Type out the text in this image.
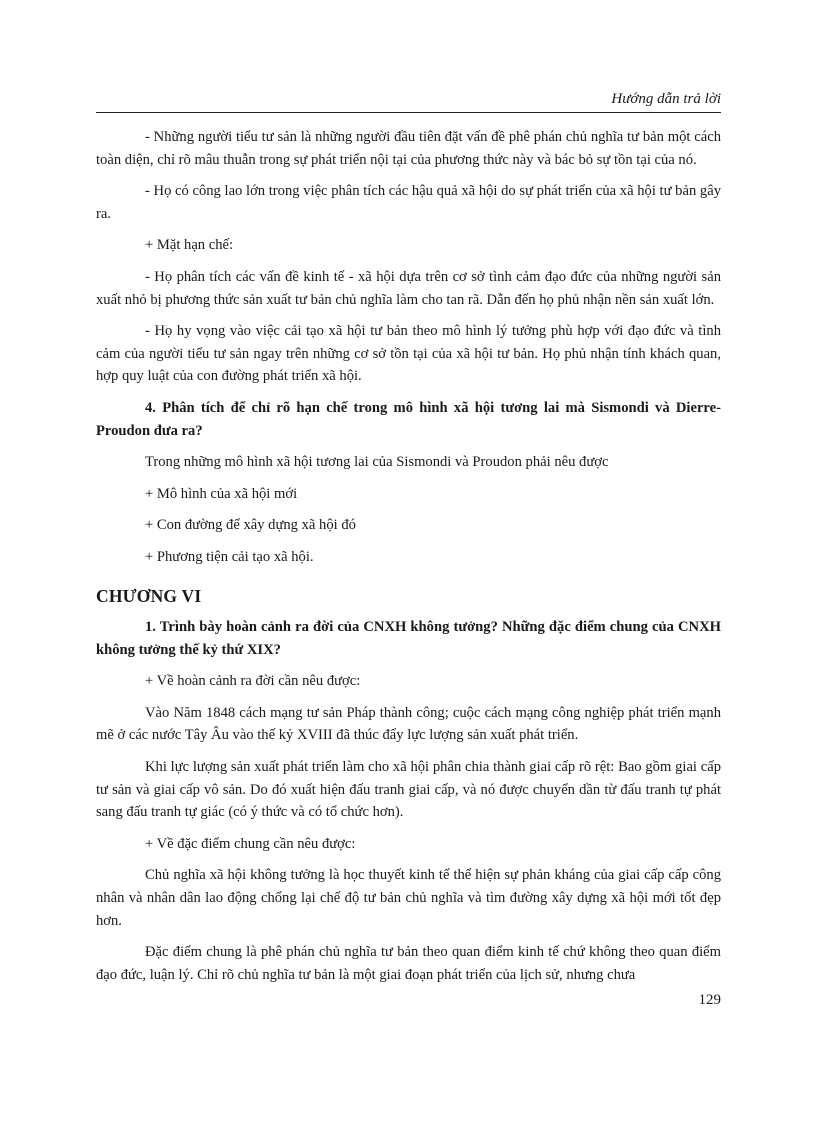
Hướng dẫn trả lời

- Những người tiểu tư sản là những người đầu tiên đặt vấn đề phê phán chủ nghĩa tư bản một cách toàn diện, chỉ rõ mâu thuẫn trong sự phát triển nội tại của phương thức này và bác bỏ sự tồn tại của nó.

- Họ có công lao lớn trong việc phân tích các hậu quả xã hội do sự phát triển của xã hội tư bản gây ra.

+ Mặt hạn chế:

- Họ phân tích các vấn đề kinh tế - xã hội dựa trên cơ sở tình cảm đạo đức của những người sản xuất nhỏ bị phương thức sản xuất tư bản chủ nghĩa làm cho tan rã. Dẫn đến họ phủ nhận nền sản xuất lớn.

- Họ hy vọng vào việc cải tạo xã hội tư bản theo mô hình lý tưởng phù hợp với đạo đức và tình cảm của người tiểu tư sản ngay trên những cơ sở tồn tại của xã hội tư bản. Họ phủ nhận tính khách quan, hợp quy luật của con đường phát triển xã hội.

4. Phân tích để chỉ rõ hạn chế trong mô hình xã hội tương lai mà Sismondi và Dierre-Proudon đưa ra?

Trong những mô hình xã hội tương lai của Sismondi và Proudon phải nêu được

+ Mô hình của xã hội mới

+ Con đường để xây dựng xã hội đó

+ Phương tiện cải tạo xã hội.

CHƯƠNG VI

1. Trình bày hoàn cảnh ra đời của CNXH không tưởng? Những đặc điểm chung của CNXH không tưởng thế kỷ thứ XIX?

+ Về hoàn cảnh ra đời cần nêu được:

Vào Năm 1848 cách mạng tư sản Pháp thành công; cuộc cách mạng công nghiệp phát triển mạnh mẽ ở các nước Tây Âu vào thế kỷ XVIII đã thúc đẩy lực lượng sản xuất phát triển.

Khi lực lượng sản xuất phát triển làm cho xã hội phân chia thành giai cấp rõ rệt: Bao gồm giai cấp tư sản và giai cấp vô sản. Do đó xuất hiện đấu tranh giai cấp, và nó được chuyển dần từ đấu tranh tự phát sang đấu tranh tự giác (có ý thức và có tổ chức hơn).

+ Về đặc điểm chung cần nêu được:

Chủ nghĩa xã hội không tưởng là học thuyết kinh tế thể hiện sự phản kháng của giai cấp cấp công nhân và nhân dân lao động chống lại chế độ tư bản chủ nghĩa và tìm đường xây dựng xã hội mới tốt đẹp hơn.

Đặc điểm chung là phê phán chủ nghĩa tư bản theo quan điểm kinh tế chứ không theo quan điểm đạo đức, luận lý. Chỉ rõ chủ nghĩa tư bản là một giai đoạn phát triển của lịch sử, nhưng chưa

129
